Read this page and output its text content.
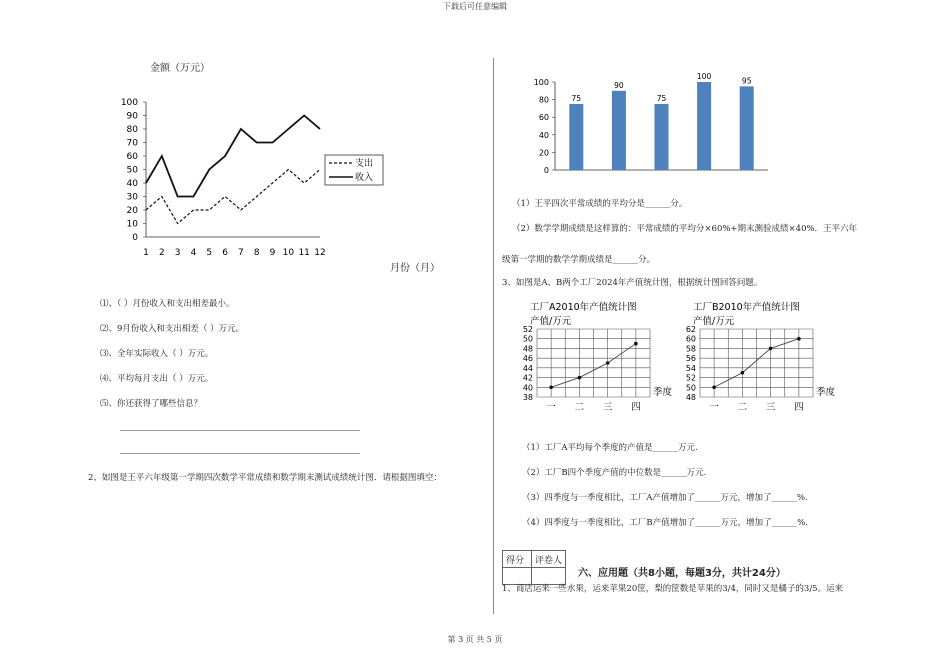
下载后可任意编辑
第 3 页 共 5 页
金额（万元）
0
10
20
30
40
50
60
70
80
90
100
1 2 3 4 5 6 7 8 9 10 11 12
支出
收入
月份（月）
⑴、（ ）月份收入和支出相差最小。
⑵、9月份收入和支出相差（ ）万元。
⑶、全年实际收入（ ）万元。
⑷、平均每月支出（ ）万元。
⑸、你还获得了哪些信息？
2、如图是王平六年级第一学期四次数学平常成绩和数学期末测试成绩统计图．请根据图填空：
0
20
40
60
80
100
75
90
75
100	95
（1）王平四次平常成绩的平均分是______分。
（2）数学学期成绩是这样算的：平常成绩的平均分×60%+期末测验成绩×40%．王平六年
级第一学期的数学学期成绩是______分。
3、如图是A、B两个工厂2024年产值统计图，根据统计图回答问题。
工厂A2010年产值统计图
产值/万元
38
40
42
44
46
48
50
52
一 二 三 四
季度
工厂B2010年产值统计图
产值/万元
48
50
52
54
56
58
60
62
一 二 三 四
季度
（1）工厂A平均每个季度的产值是______万元.
（2）工厂B四个季度产值的中位数是______万元.
（3）四季度与一季度相比，工厂A产值增加了______万元，增加了______%.
（4）四季度与一季度相比，工厂B产值增加了______万元，增加了______%.
得分	评卷人

六、应用题（共8小题，每题3分，共计24分）
1、商店运来一些水果，运来苹果20筐，梨的筐数是苹果的3/4，同时又是橘子的3/5。运来
